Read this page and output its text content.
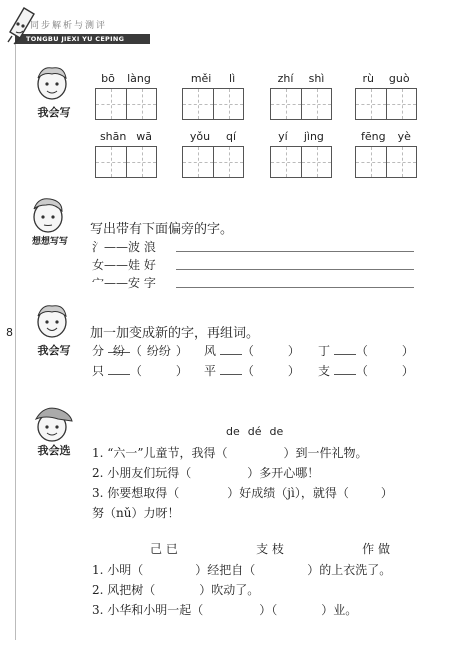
同步解析与测评
TONGBU JIEXI YU CEPING
8
我会写
bō làng	měi lì	zhí shì	rù guò
shān wā	yǒu qí	yí jìng	fēng yè
想想写写
写出带有下面偏旁的字。
氵——波 浪
女——娃 好
宀——安 字
我会写
加一加变成新的字，再组词。
分 纷 （ 纷纷 ） 风 （	） 丁 （	）
只 （	） 平 （	） 支 （	）
我会选
de dé de
1. “六一”儿童节，我得（	）到一件礼物。
2. 小朋友们玩得（	）多开心哪！
3. 你要想取得（	）好成绩（jì），就得（	）
努（nǔ）力呀！
己 已	支 枝	作 做
1. 小明（	）经把自（	）的上衣洗了。
2. 风把树（	）吹动了。
3. 小华和小明一起（	）（	）业。
